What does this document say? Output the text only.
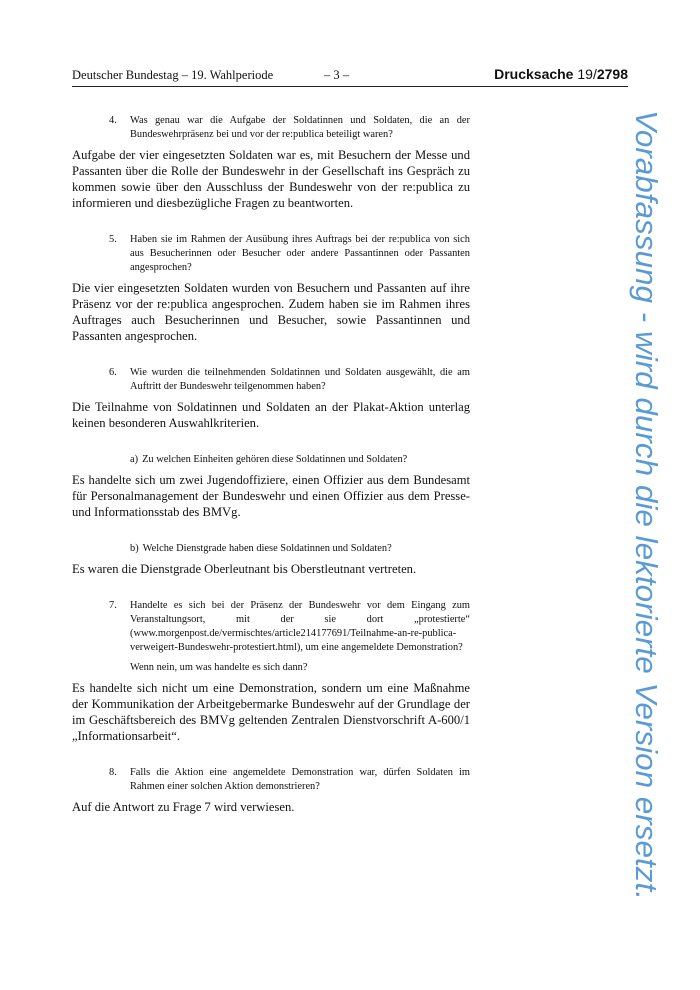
Deutscher Bundestag – 19. Wahlperiode	– 3 –	Drucksache 19/2798

4. Was genau war die Aufgabe der Soldatinnen und Soldaten, die an der Bundeswehrpräsenz bei und vor der re:publica beteiligt waren?

Aufgabe der vier eingesetzten Soldaten war es, mit Besuchern der Messe und Passanten über die Rolle der Bundeswehr in der Gesellschaft ins Gespräch zu kommen sowie über den Ausschluss der Bundeswehr von der re:publica zu informieren und diesbezügliche Fragen zu beantworten.

5. Haben sie im Rahmen der Ausübung ihres Auftrags bei der re:publica von sich aus Besucherinnen oder Besucher oder andere Passantinnen oder Passanten angesprochen?

Die vier eingesetzten Soldaten wurden von Besuchern und Passanten auf ihre Präsenz vor der re:publica angesprochen. Zudem haben sie im Rahmen ihres Auftrages auch Besucherinnen und Besucher, sowie Passantinnen und Passanten angesprochen.

6. Wie wurden die teilnehmenden Soldatinnen und Soldaten ausgewählt, die am Auftritt der Bundeswehr teilgenommen haben?

Die Teilnahme von Soldatinnen und Soldaten an der Plakat-Aktion unterlag keinen besonderen Auswahlkriterien.

a) Zu welchen Einheiten gehören diese Soldatinnen und Soldaten?

Es handelte sich um zwei Jugendoffiziere, einen Offizier aus dem Bundesamt für Personalmanagement der Bundeswehr und einen Offizier aus dem Presse- und Informationsstab des BMVg.

b) Welche Dienstgrade haben diese Soldatinnen und Soldaten?

Es waren die Dienstgrade Oberleutnant bis Oberstleutnant vertreten.

7. Handelte es sich bei der Präsenz der Bundeswehr vor dem Eingang zum Veranstaltungsort, mit der sie dort „protestierte“ (www.morgenpost.de/vermischtes/article214177691/Teilnahme-an-re-publica-verweigert-Bundeswehr-protestiert.html), um eine angemeldete Demonstration?

Wenn nein, um was handelte es sich dann?

Es handelte sich nicht um eine Demonstration, sondern um eine Maßnahme der Kommunikation der Arbeitgebermarke Bundeswehr auf der Grundlage der im Geschäftsbereich des BMVg geltenden Zentralen Dienstvorschrift A-600/1 „Informationsarbeit“.

8. Falls die Aktion eine angemeldete Demonstration war, dürfen Soldaten im Rahmen einer solchen Aktion demonstrieren?

Auf die Antwort zu Frage 7 wird verwiesen.	Vorabfassung - wird durch die lektorierte Version ersetzt.
